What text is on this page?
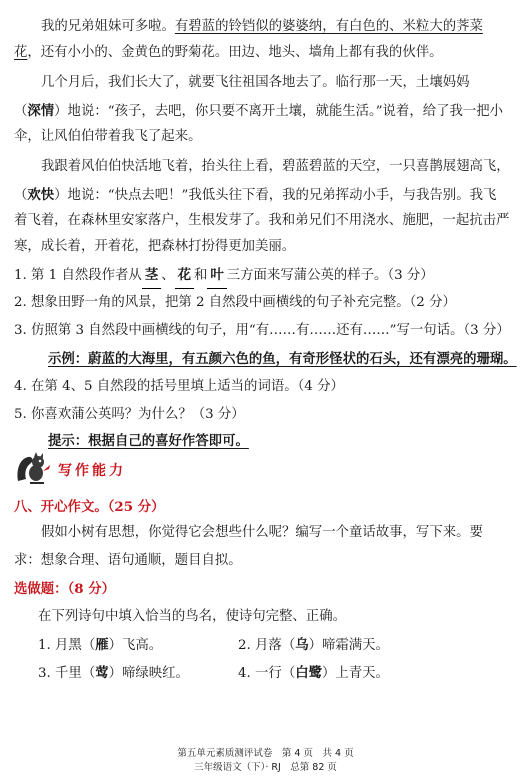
我的兄弟姐妹可多啦。有碧蓝的铃铛似的婆婆纳，有白色的、米粒大的荠菜
花，还有小小的、金黄色的野菊花。田边、地头、墙角上都有我的伙伴。
几个月后，我们长大了，就要飞往祖国各地去了。临行那一天，土壤妈妈
（深情）地说：“孩子，去吧，你只要不离开土壤，就能生活。”说着，给了我一把小
伞，让风伯伯带着我飞了起来。
我跟着风伯伯快活地飞着，抬头往上看，碧蓝碧蓝的天空，一只喜鹊展翅高飞，
（欢快）地说：“快点去吧！”我低头往下看，我的兄弟挥动小手，与我告别。我飞
着飞着，在森林里安家落户，生根发芽了。我和弟兄们不用浇水、施肥，一起抗击严
寒，成长着，开着花，把森林打扮得更加美丽。
1. 第 1 自然段作者从 茎 、 花 和 叶 三方面来写蒲公英的样子。（3 分）
2. 想象田野一角的风景，把第 2 自然段中画横线的句子补充完整。（2 分）
3. 仿照第 3 自然段中画横线的句子，用“有……有……还有……”写一句话。（3 分）
示例：蔚蓝的大海里，有五颜六色的鱼，有奇形怪状的石头，还有漂亮的珊瑚。
4. 在第 4、5 自然段的括号里填上适当的词语。（4 分）
5. 你喜欢蒲公英吗？为什么？（3 分）
提示：根据自己的喜好作答即可。
写作能力
八、开心作文。（25 分）
假如小树有思想，你觉得它会想些什么呢？编写一个童话故事，写下来。要
求：想象合理、语句通顺，题目自拟。
选做题：（8 分）
在下列诗句中填入恰当的鸟名，使诗句完整、正确。
1. 月黑（雁）飞高。	2. 月落（乌）啼霜满天。
3. 千里（莺）啼绿映红。	4. 一行（白鹭）上青天。
第五单元素质测评试卷　第 4 页　共 4 页
三年级语文（下）· RJ　总第 82 页
